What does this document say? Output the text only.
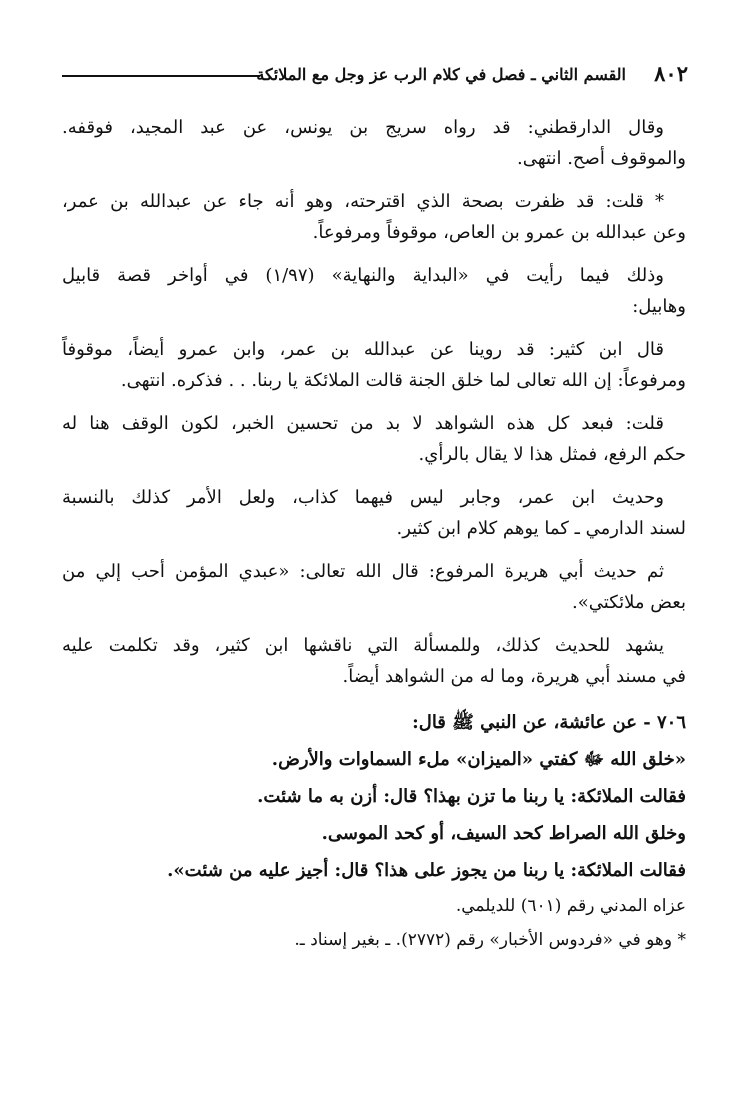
٨٠٢
القسم الثاني ـ فصل في كلام الرب عز وجل مع الملائكة
وقال الدارقطني: قد رواه سريج بن يونس، عن عبد المجيد، فوقفه.
والموقوف أصح. انتهى.
* قلت: قد ظفرت بصحة الذي اقترحته، وهو أنه جاء عن عبدالله بن عمر،
وعن عبدالله بن عمرو بن العاص، موقوفاً ومرفوعاً.
وذلك فيما رأيت في «البداية والنهاية» (١/٩٧) في أواخر قصة قابيل
وهابيل:
قال ابن كثير: قد روينا عن عبدالله بن عمر، وابن عمرو أيضاً، موقوفاً
ومرفوعاً: إن الله تعالى لما خلق الجنة قالت الملائكة يا ربنا. . . فذكره. انتهى.
قلت: فبعد كل هذه الشواهد لا بد من تحسين الخبر، لكون الوقف هنا له
حكم الرفع، فمثل هذا لا يقال بالرأي.
وحديث ابن عمر، وجابر ليس فيهما كذاب، ولعل الأمر كذلك بالنسبة
لسند الدارمي ـ كما يوهم كلام ابن كثير.
ثم حديث أبي هريرة المرفوع: قال الله تعالى: «عبدي المؤمن أحب إلي من
بعض ملائكتي».
يشهد للحديث كذلك، وللمسألة التي ناقشها ابن كثير، وقد تكلمت عليه
في مسند أبي هريرة، وما له من الشواهد أيضاً.
٧٠٦ - عن عائشة، عن النبي ﷺ قال:
«خلق الله ﷻ كفتي «الميزان» ملء السماوات والأرض.
فقالت الملائكة: يا ربنا ما تزن بهذا؟ قال: أزن به ما شئت.
وخلق الله الصراط كحد السيف، أو كحد الموسى.
فقالت الملائكة: يا ربنا من يجوز على هذا؟ قال: أجيز عليه من شئت».
عزاه المدني رقم (٦٠١) للديلمي.
* وهو في «فردوس الأخبار» رقم (٢٧٧٢). ـ بغير إسناد ـ.
